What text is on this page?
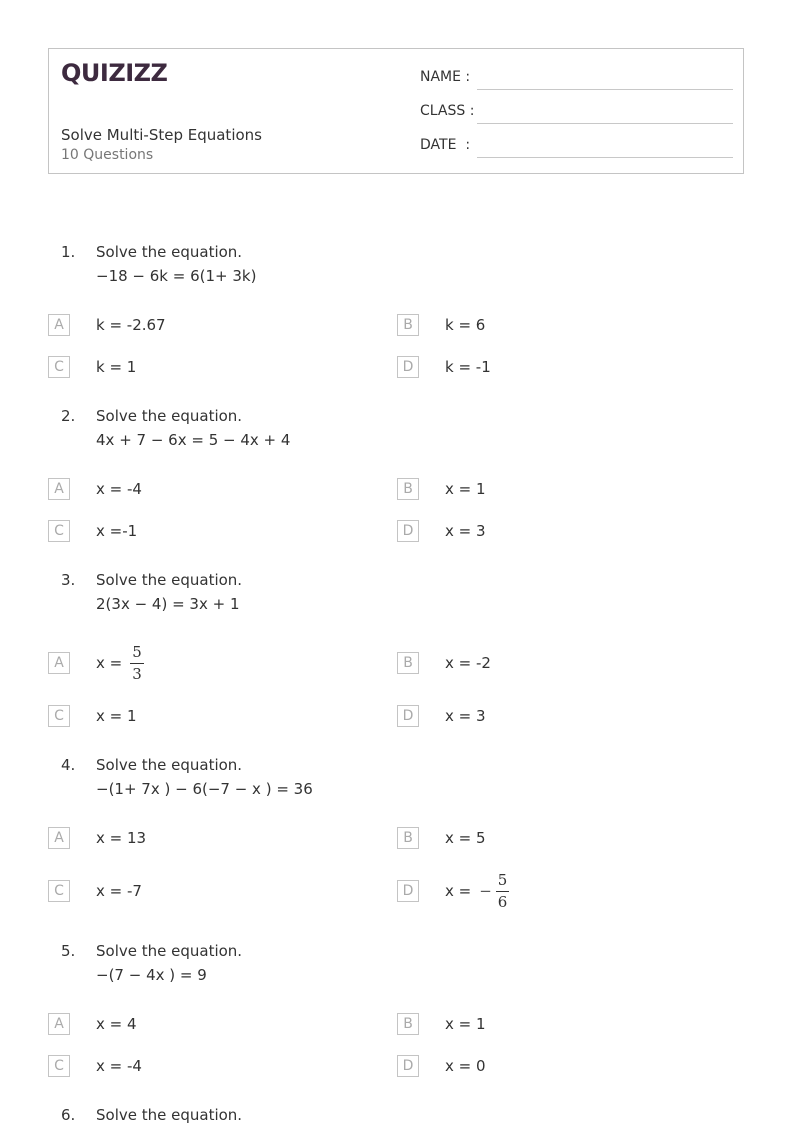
QUIZIZZ
Solve Multi-Step Equations
10 Questions
NAME :
CLASS :
DATE  :
1. Solve the equation.
−18 − 6k = 6(1+ 3k)
A	k = -2.67	B	k = 6
C	k = 1	D	k = -1
2. Solve the equation.
4x + 7 − 6x = 5 − 4x + 4
A	x = -4	B	x = 1
C	x =-1	D	x = 3
3. Solve the equation.
2(3x − 4) = 3x + 1
A	$x = \frac{5}{3}$	B	x = -2
C	x = 1	D	x = 3
4. Solve the equation.
−(1+ 7x ) − 6(−7 − x ) = 36
A	x = 13	B	x = 5
C	x = -7	D	x = − $\frac{5}{6}$
5. Solve the equation.
−(7 − 4x ) = 9
A	x = 4	B	x = 1
C	x = -4	D	x = 0
6. Solve the equation.
